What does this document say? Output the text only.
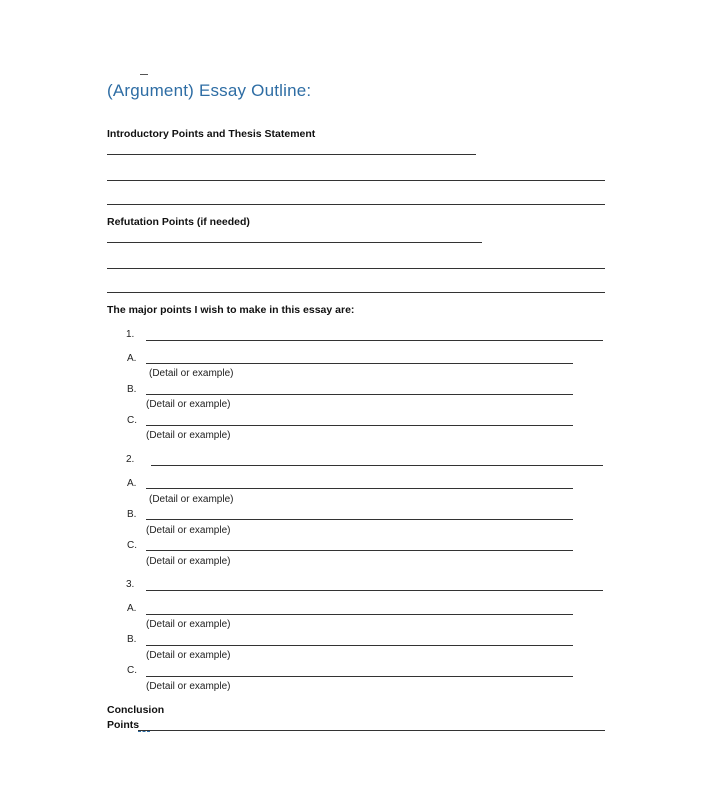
(Argument) Essay Outline:
Introductory Points and Thesis Statement
Refutation Points (if needed)
The major points I wish to make in this essay are:
1.
A.
(Detail or example)
B.
(Detail or example)
C.
(Detail or example)
2.
A.
(Detail or example)
B.
(Detail or example)
C.
(Detail or example)
3.
A.
(Detail or example)
B.
(Detail or example)
C.
(Detail or example)
Conclusion
Points
